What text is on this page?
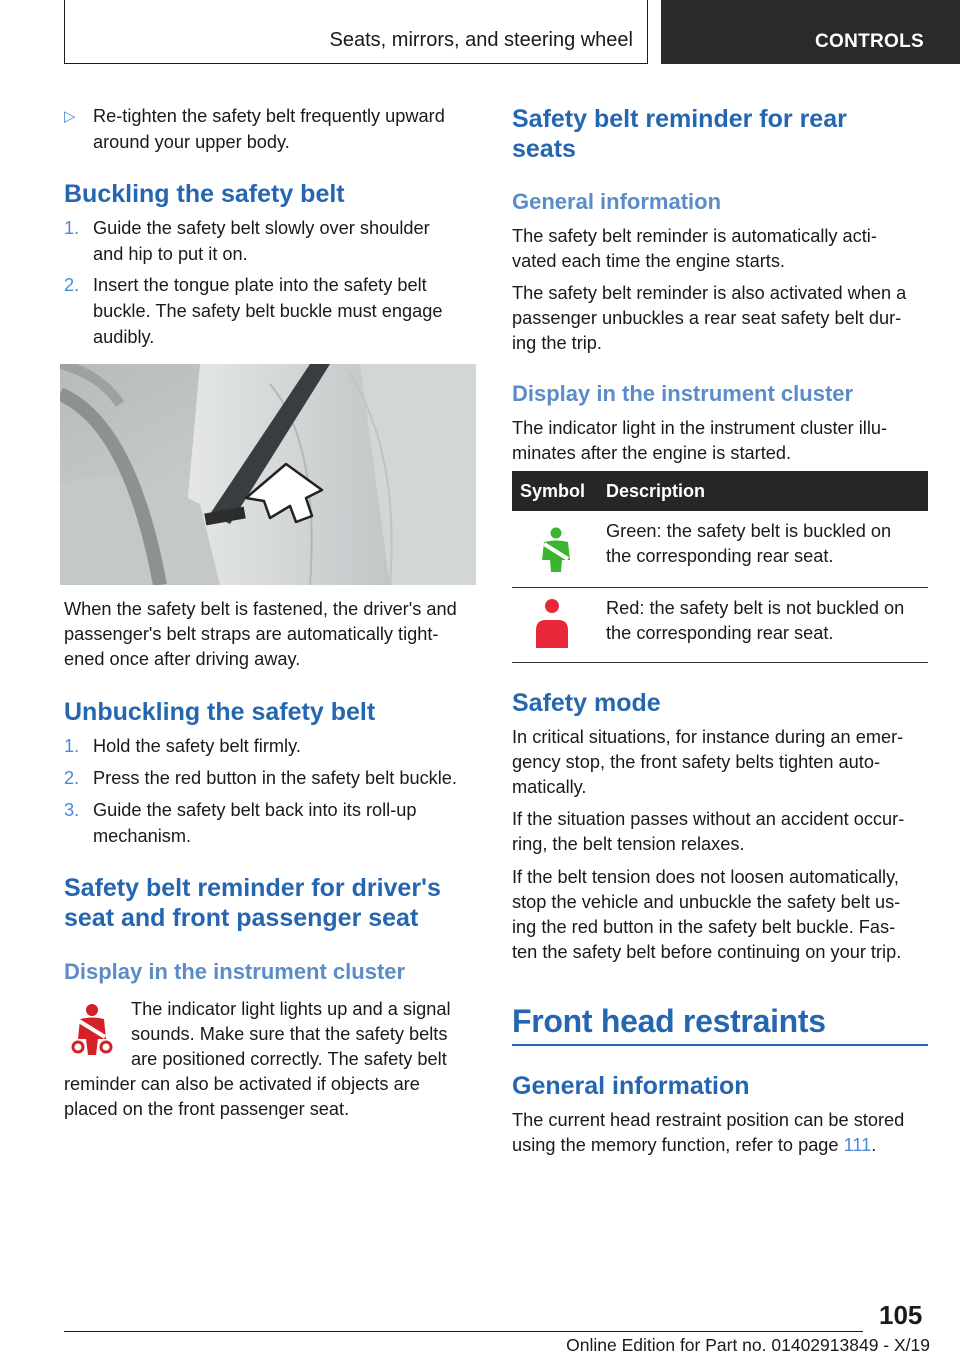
Seats, mirrors, and steering wheel	CONTROLS
▷ Re-tighten the safety belt frequently upward
around your upper body.
Buckling the safety belt
1. Guide the safety belt slowly over shoulder
and hip to put it on.
2. Insert the tongue plate into the safety belt
buckle. The safety belt buckle must engage
audibly.
When the safety belt is fastened, the driver's and
passenger's belt straps are automatically tight-
ened once after driving away.
Unbuckling the safety belt
1. Hold the safety belt firmly.
2. Press the red button in the safety belt buckle.
3. Guide the safety belt back into its roll-up
mechanism.
Safety belt reminder for driver's
seat and front passenger seat
Display in the instrument cluster
The indicator light lights up and a signal
sounds. Make sure that the safety belts
are positioned correctly. The safety belt
reminder can also be activated if objects are
placed on the front passenger seat.
Safety belt reminder for rear
seats
General information
The safety belt reminder is automatically acti-
vated each time the engine starts.
The safety belt reminder is also activated when a
passenger unbuckles a rear seat safety belt dur-
ing the trip.
Display in the instrument cluster
The indicator light in the instrument cluster illu-
minates after the engine is started.
Symbol Description
Green: the safety belt is buckled on
the corresponding rear seat.
Red: the safety belt is not buckled on
the corresponding rear seat.
Safety mode
In critical situations, for instance during an emer-
gency stop, the front safety belts tighten auto-
matically.
If the situation passes without an accident occur-
ring, the belt tension relaxes.
If the belt tension does not loosen automatically,
stop the vehicle and unbuckle the safety belt us-
ing the red button in the safety belt buckle. Fas-
ten the safety belt before continuing on your trip.
Front head restraints
General information
The current head restraint position can be stored
using the memory function, refer to page 111.
105
Online Edition for Part no. 01402913849 - X/19
